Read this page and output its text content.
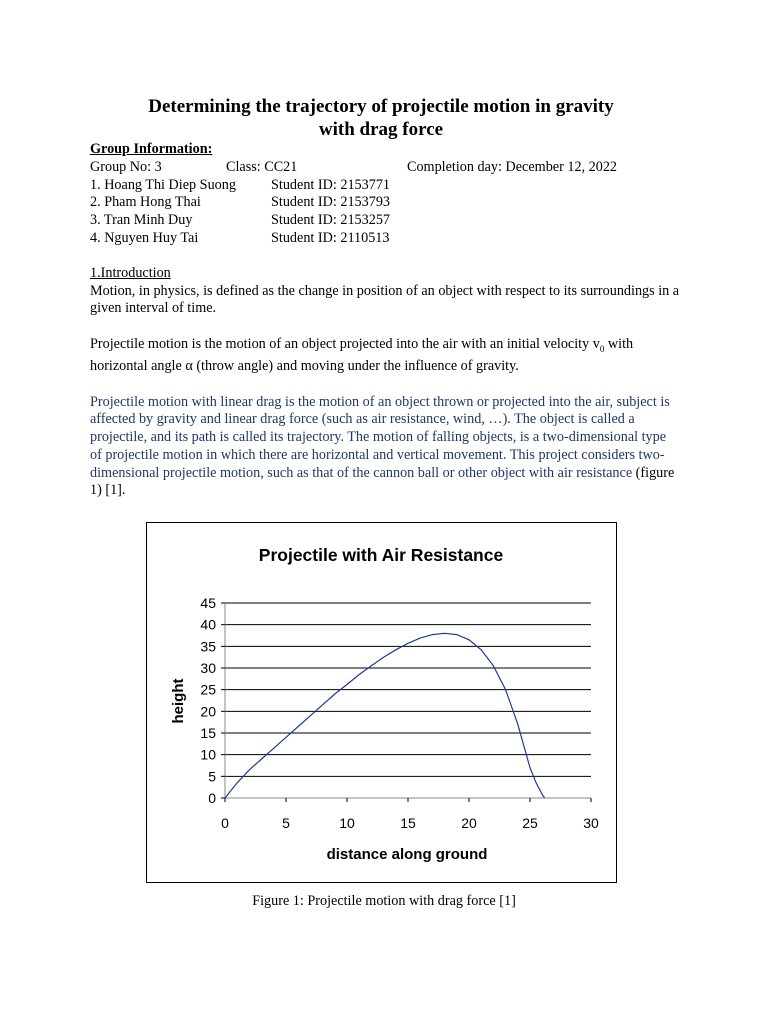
Determining the trajectory of projectile motion in gravity
with drag force
Group Information:
Group No: 3	Class: CC21	Completion day: December 12, 2022
1. Hoang Thi Diep Suong Student ID: 2153771
2. Pham Hong Thai	Student ID: 2153793
3. Tran Minh Duy	Student ID: 2153257
4. Nguyen Huy Tai	Student ID: 2110513
1.Introduction

Motion, in physics, is defined as the change in position of an object with respect to its surroundings in a given interval of time.

Projectile motion is the motion of an object projected into the air with an initial velocity $v_0$ with horizontal angle α (throw angle) and moving under the influence of gravity.

Projectile motion with linear drag is the motion of an object thrown or projected into the air, subject is affected by gravity and linear drag force (such as air resistance, wind, …). The object is called a projectile, and its path is called its trajectory. The motion of falling objects, is a two-dimensional type of projectile motion in which there are horizontal and vertical movement. This project considers two-dimensional projectile motion, such as that of the cannon ball or other object with air resistance (figure 1) [1].

Projectile with Air Resistance
0
5
10
15
20
25
30
35
40
45
0	5	10	15	20	25	30
distance along ground
height
Figure 1: Projectile motion with drag force [1]
